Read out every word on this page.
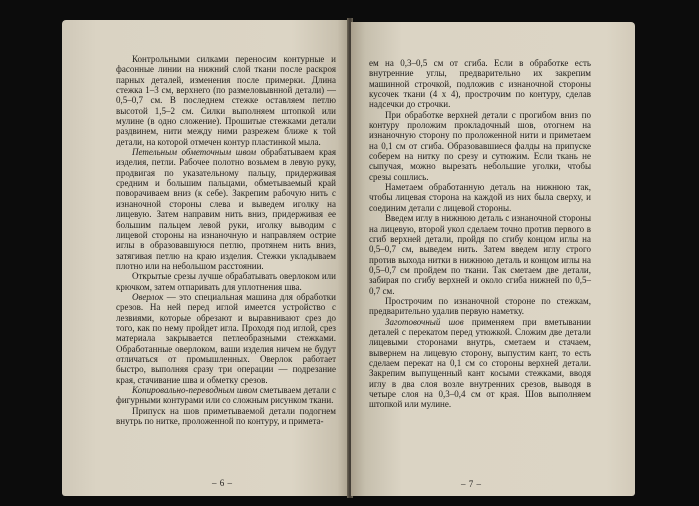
Контрольными силками переносим контурные и фасонные линии на нижний слой ткани после раскроя парных деталей, изменения после примерки. Длина стежка 1–3 см, верхнего (по размеловывнной детали) — 0,5–0,7 см. В последнем стежке оставляем петлю высотой 1,5–2 см. Силки выполняем штопкой или мулине (в одно сложение). Прошитые стежками детали раздвинем, нити между ними разрежем ближе к той детали, на которой отмечен контур пластинкой мыла.

Петельным обметочным швом обрабатываем края изделия, петли. Рабочее полотно возьмем в левую руку, продвигая по указательному пальцу, придерживая средним и большим пальцами, обметываемый край поворачиваем вниз (к себе). Закрепим рабочую нить с изнаночной стороны слева и выведем иголку на лицевую. Затем направим нить вниз, придерживая ее большим пальцем левой руки, иголку выводим с лицевой стороны на изнаночную и направляем острие иглы в образовавшуюся петлю, протянем нить вниз, затягивая петлю на краю изделия. Стежки укладываем плотно или на небольшом расстоянии.

Открытые срезы лучше обрабатывать оверлоком или крючком, затем отпаривать для уплотнения шва.

Оверлок — это специальная машина для обработки срезов. На ней перед иглой имеется устройство с лезвиями, которые обрезают и выравнивают срез до того, как по нему пройдет игла. Проходя под иглой, срез материала закрывается петлеобразными стежками. Обработанные оверлоком, ваши изделия ничем не будут отличаться от промышленных. Оверлок работает быстро, выполняя сразу три операции — подрезание края, стачивание шва и обметку срезов.

Копировально-переводным швом сметываем детали с фигурными контурами или со сложным рисунком ткани.

Припуск на шов приметываемой детали подогнем внутрь по нитке, проложенной по контуру, и примета-

– 6 –

ем на 0,3–0,5 см от сгиба. Если в обработке есть внутренние углы, предварительно их закрепим машинной строчкой, подложив с изнаночной стороны кусочек ткани (4 x 4), прострочим по контуру, сделав надсечки до строчки.

При обработке верхней детали с прогибом вниз по контуру проложим прокладочный шов, отогнем на изнаночную сторону по проложенной нити и приметаем на 0,1 см от сгиба. Образовавшиеся фалды на припуске соберем на нитку по срезу и сутюжим. Если ткань не сыпучая, можно вырезать небольшие уголки, чтобы срезы сошлись.

Наметаем обработанную деталь на нижнюю так, чтобы лицевая сторона на каждой из них была сверху, и соединим детали с лицевой стороны.

Введем иглу в нижнюю деталь с изнаночной стороны на лицевую, второй укол сделаем точно против первого в сгиб верхней детали, пройдя по сгибу концом иглы на 0,5–0,7 см, выведем нить. Затем введем иглу строго против выхода нитки в нижнюю деталь и концом иглы на 0,5–0,7 см пройдем по ткани. Так сметаем две детали, забирая по сгибу верхней и около сгиба нижней по 0,5–0,7 см.

Прострочим по изнаночной стороне по стежкам, предварительно удалив первую наметку.

Заготовочный шов применяем при вметывании деталей с перекатом перед утюжкой. Сложим две детали лицевыми сторонами внутрь, сметаем и стачаем, вывернем на лицевую сторону, выпустим кант, то есть сделаем перекат на 0,1 см со стороны верхней детали. Закрепим выпущенный кант косыми стежками, вводя иглу в два слоя возле внутренних срезов, выводя в четыре слоя на 0,3–0,4 см от края. Шов выполняем штопкой или мулине.

– 7 –
